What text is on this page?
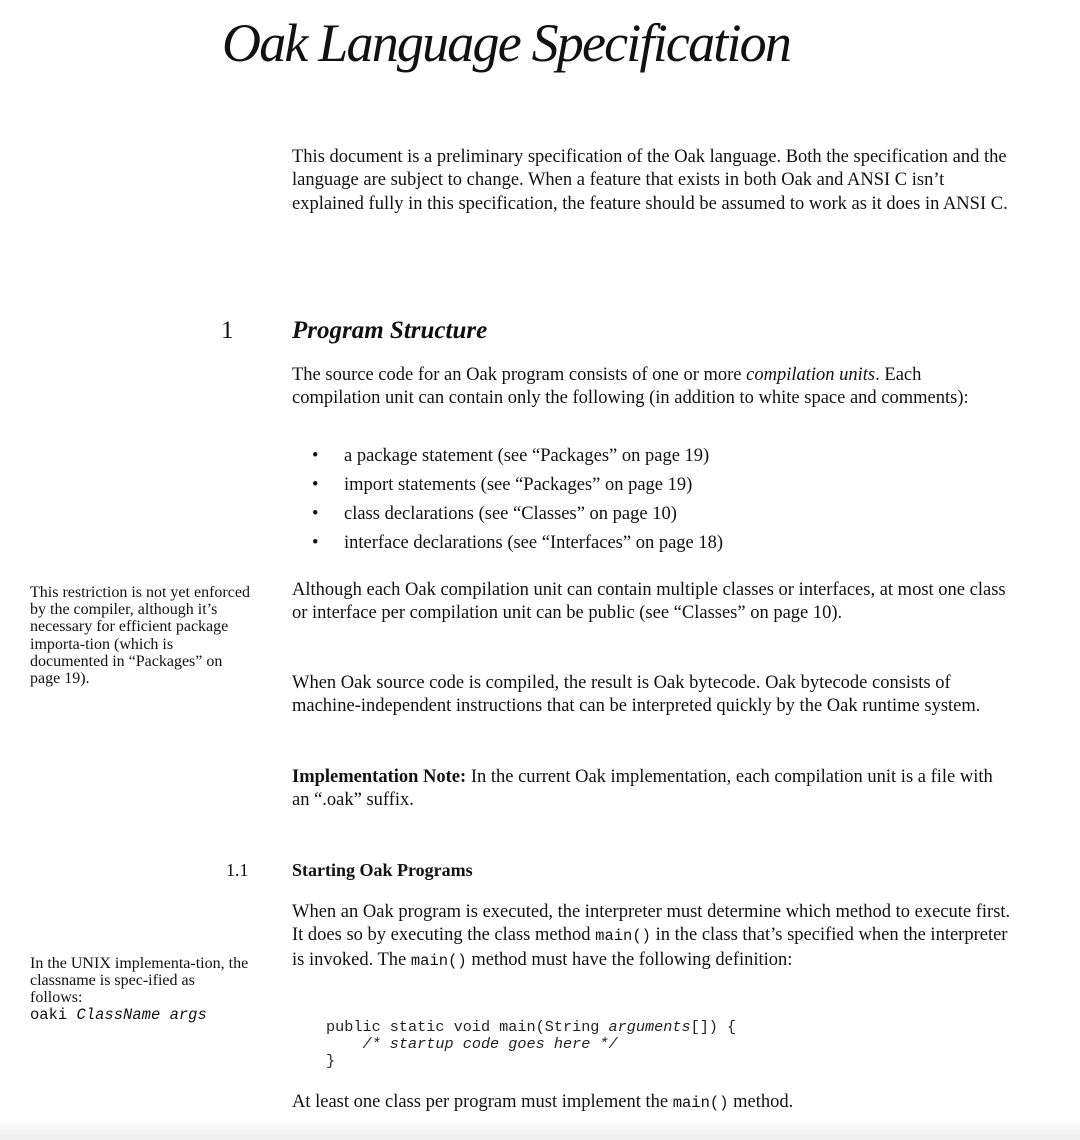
Oak Language Specification
This document is a preliminary specification of the Oak language. Both the specification and the language are subject to change. When a feature that exists in both Oak and ANSI C isn’t explained fully in this specification, the feature should be assumed to work as it does in ANSI C.
1 Program Structure
The source code for an Oak program consists of one or more compilation units. Each compilation unit can contain only the following (in addition to white space and comments):
• a package statement (see “Packages” on page 19)
• import statements (see “Packages” on page 19)
• class declarations (see “Classes” on page 10)
• interface declarations (see “Interfaces” on page 18)
This restriction is not yet enforced by the compiler, although it’s necessary for efficient package importa-tion (which is documented in “Packages” on page 19).
Although each Oak compilation unit can contain multiple classes or interfaces, at most one class or interface per compilation unit can be public (see “Classes” on page 10).
When Oak source code is compiled, the result is Oak bytecode. Oak bytecode consists of machine-independent instructions that can be interpreted quickly by the Oak runtime system.
Implementation Note: In the current Oak implementation, each compilation unit is a file with an “.oak” suffix.
1.1 Starting Oak Programs
When an Oak program is executed, the interpreter must determine which method to execute first. It does so by executing the class method main() in the class that’s specified when the interpreter is invoked. The main() method must have the following definition:
In the UNIX implementa-tion, the classname is spec-ified as follows:
oaki ClassName args
public static void main(String arguments[]) {
/* startup code goes here */
}
At least one class per program must implement the main() method.
